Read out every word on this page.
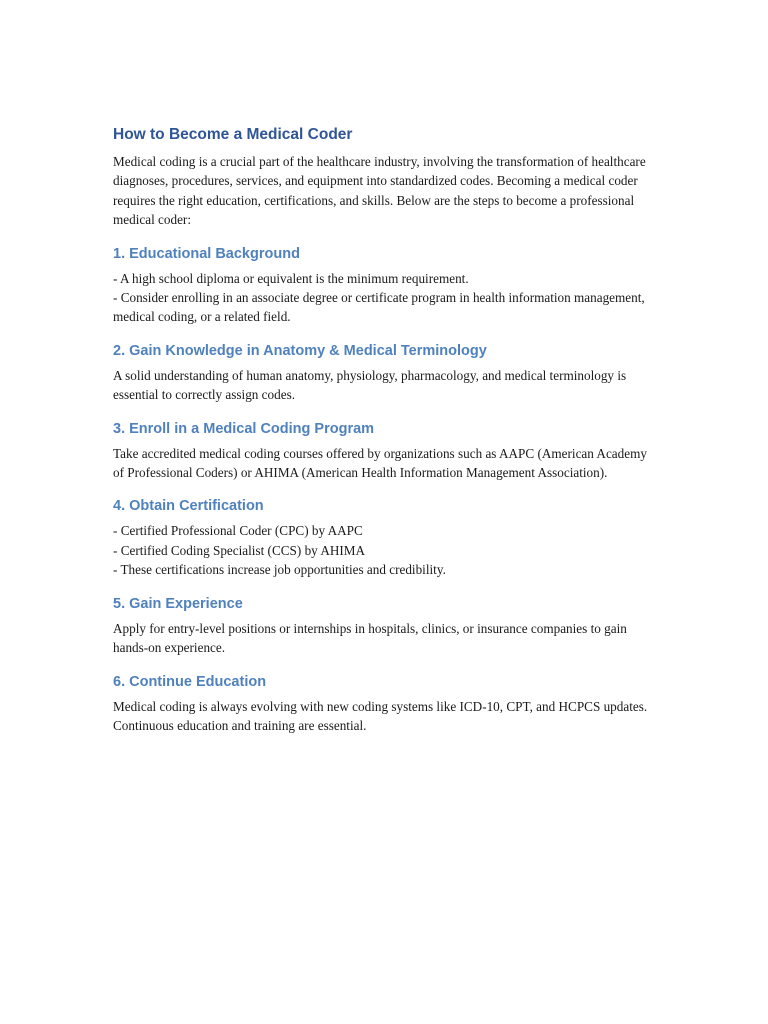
How to Become a Medical Coder

Medical coding is a crucial part of the healthcare industry, involving the transformation of healthcare diagnoses, procedures, services, and equipment into standardized codes. Becoming a medical coder requires the right education, certifications, and skills. Below are the steps to become a professional medical coder:

1. Educational Background

- A high school diploma or equivalent is the minimum requirement.

- Consider enrolling in an associate degree or certificate program in health information management, medical coding, or a related field.

2. Gain Knowledge in Anatomy & Medical Terminology

A solid understanding of human anatomy, physiology, pharmacology, and medical terminology is essential to correctly assign codes.

3. Enroll in a Medical Coding Program

Take accredited medical coding courses offered by organizations such as AAPC (American Academy of Professional Coders) or AHIMA (American Health Information Management Association).

4. Obtain Certification

- Certified Professional Coder (CPC) by AAPC

- Certified Coding Specialist (CCS) by AHIMA

- These certifications increase job opportunities and credibility.

5. Gain Experience

Apply for entry-level positions or internships in hospitals, clinics, or insurance companies to gain hands-on experience.

6. Continue Education

Medical coding is always evolving with new coding systems like ICD-10, CPT, and HCPCS updates. Continuous education and training are essential.
